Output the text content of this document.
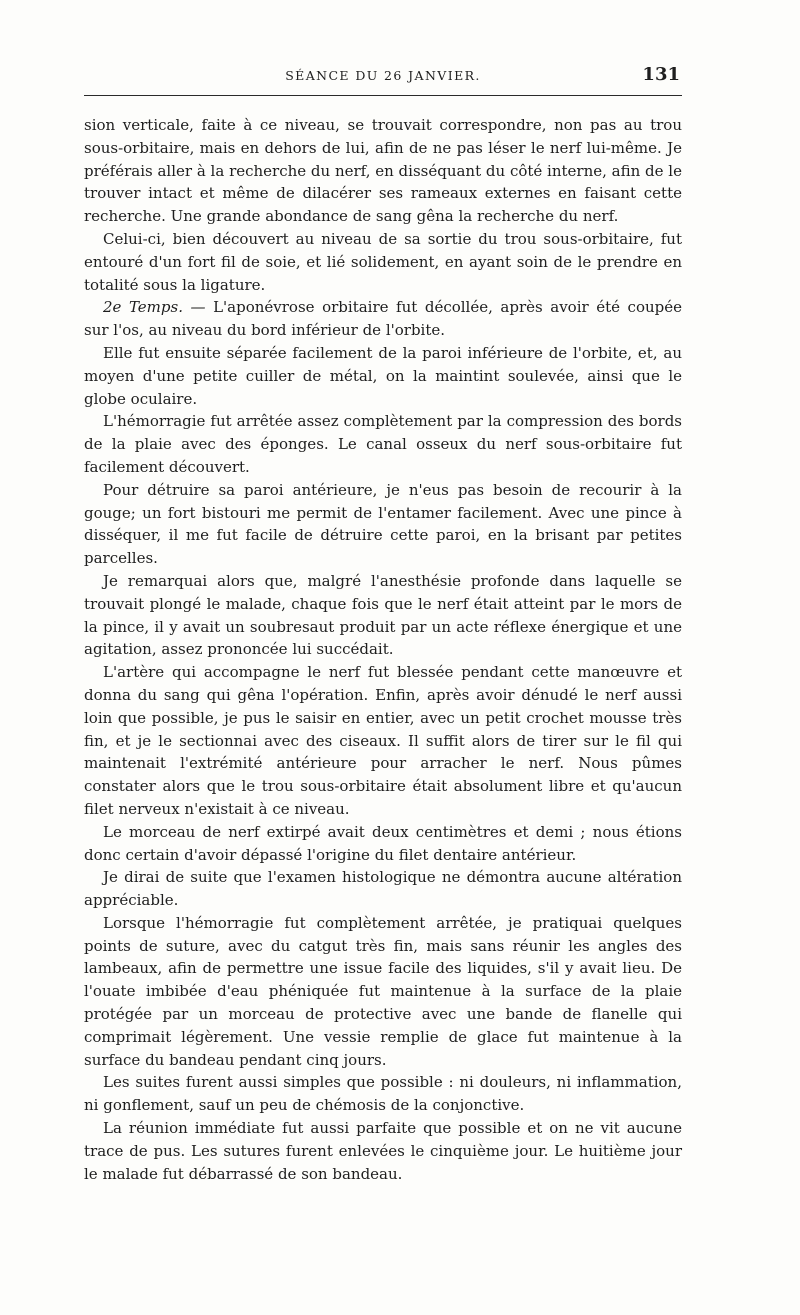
SÉANCE DU 26 JANVIER.	131

sion verticale, faite à ce niveau, se trouvait correspondre, non pas au trou sous-orbitaire, mais en dehors de lui, afin de ne pas léser le nerf lui-même. Je préférais aller à la recherche du nerf, en disséquant du côté interne, afin de le trouver intact et même de dilacérer ses rameaux externes en faisant cette recherche. Une grande abondance de sang gêna la recherche du nerf.

Celui-ci, bien découvert au niveau de sa sortie du trou sous-orbitaire, fut entouré d'un fort fil de soie, et lié solidement, en ayant soin de le prendre en totalité sous la ligature.

2e Temps. — L'aponévrose orbitaire fut décollée, après avoir été coupée sur l'os, au niveau du bord inférieur de l'orbite.

Elle fut ensuite séparée facilement de la paroi inférieure de l'orbite, et, au moyen d'une petite cuiller de métal, on la maintint soulevée, ainsi que le globe oculaire.

L'hémorragie fut arrêtée assez complètement par la compression des bords de la plaie avec des éponges. Le canal osseux du nerf sous-orbitaire fut facilement découvert.

Pour détruire sa paroi antérieure, je n'eus pas besoin de recourir à la gouge; un fort bistouri me permit de l'entamer facilement. Avec une pince à disséquer, il me fut facile de détruire cette paroi, en la brisant par petites parcelles.

Je remarquai alors que, malgré l'anesthésie profonde dans laquelle se trouvait plongé le malade, chaque fois que le nerf était atteint par le mors de la pince, il y avait un soubresaut produit par un acte réflexe énergique et une agitation, assez prononcée lui succédait.

L'artère qui accompagne le nerf fut blessée pendant cette manœuvre et donna du sang qui gêna l'opération. Enfin, après avoir dénudé le nerf aussi loin que possible, je pus le saisir en entier, avec un petit crochet mousse très fin, et je le sectionnai avec des ciseaux. Il suffit alors de tirer sur le fil qui maintenait l'extrémité antérieure pour arracher le nerf. Nous pûmes constater alors que le trou sous-orbitaire était absolument libre et qu'aucun filet nerveux n'existait à ce niveau.

Le morceau de nerf extirpé avait deux centimètres et demi ; nous étions donc certain d'avoir dépassé l'origine du filet dentaire antérieur.

Je dirai de suite que l'examen histologique ne démontra aucune altération appréciable.

Lorsque l'hémorragie fut complètement arrêtée, je pratiquai quelques points de suture, avec du catgut très fin, mais sans réunir les angles des lambeaux, afin de permettre une issue facile des liquides, s'il y avait lieu. De l'ouate imbibée d'eau phéniquée fut maintenue à la surface de la plaie protégée par un morceau de protective avec une bande de flanelle qui comprimait légèrement. Une vessie remplie de glace fut maintenue à la surface du bandeau pendant cinq jours.

Les suites furent aussi simples que possible : ni douleurs, ni inflammation, ni gonflement, sauf un peu de chémosis de la conjonctive.

La réunion immédiate fut aussi parfaite que possible et on ne vit aucune trace de pus. Les sutures furent enlevées le cinquième jour. Le huitième jour le malade fut débarrassé de son bandeau.
